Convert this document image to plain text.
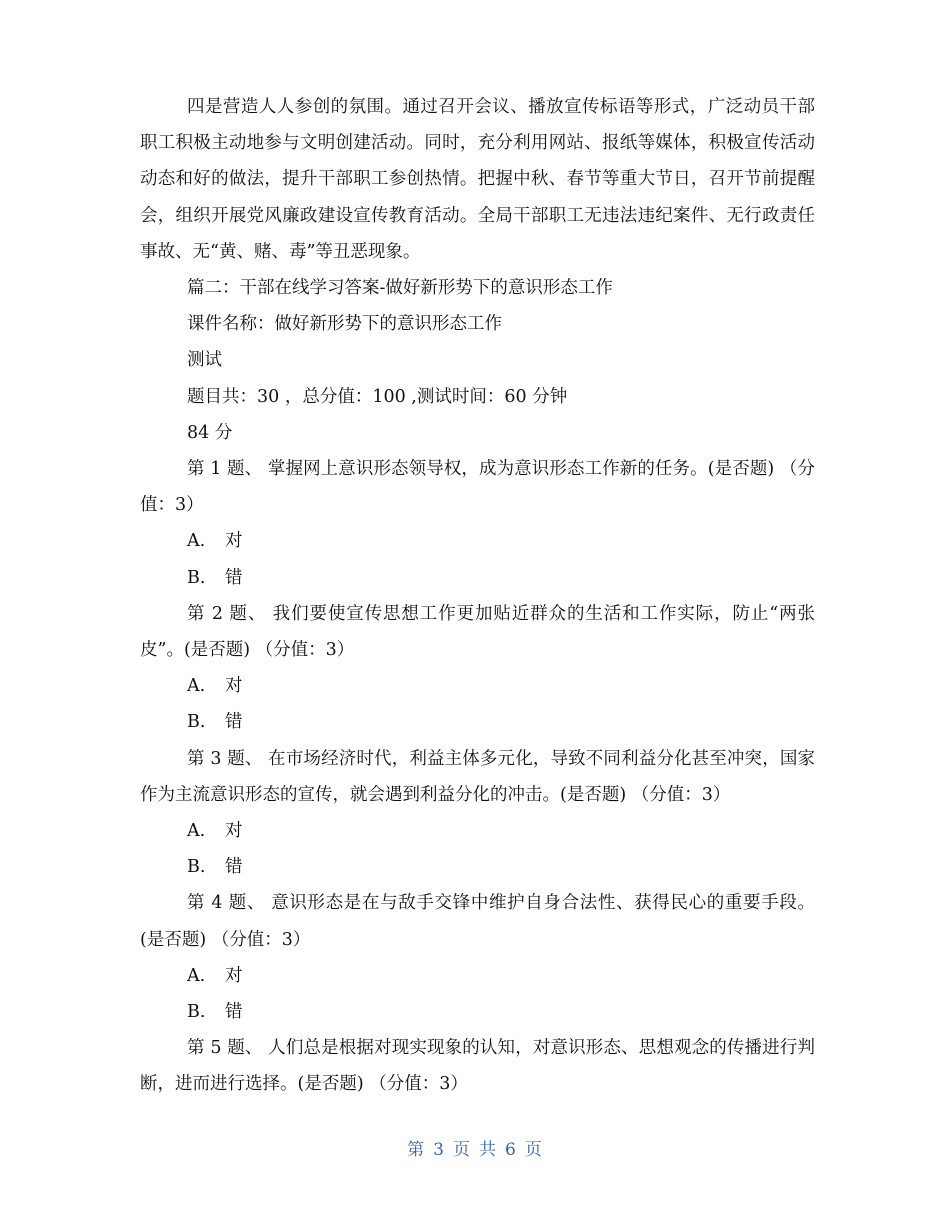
四是营造人人参创的氛围。通过召开会议、播放宣传标语等形式，广泛动员干部职工积极主动地参与文明创建活动。同时，充分利用网站、报纸等媒体，积极宣传活动动态和好的做法，提升干部职工参创热情。把握中秋、春节等重大节日，召开节前提醒会，组织开展党风廉政建设宣传教育活动。全局干部职工无违法违纪案件、无行政责任事故、无“黄、赌、毒”等丑恶现象。

篇二：干部在线学习答案-做好新形势下的意识形态工作

课件名称：做好新形势下的意识形态工作

测试

题目共：30 ，总分值：100 ,测试时间：60 分钟

84 分

第 1 题、 掌握网上意识形态领导权，成为意识形态工作新的任务。(是否题) （分值：3）

A. 对

B. 错

第 2 题、 我们要使宣传思想工作更加贴近群众的生活和工作实际，防止“两张皮”。(是否题) （分值：3）

A. 对

B. 错

第 3 题、 在市场经济时代，利益主体多元化，导致不同利益分化甚至冲突，国家作为主流意识形态的宣传，就会遇到利益分化的冲击。(是否题) （分值：3）

A. 对

B. 错

第 4 题、 意识形态是在与敌手交锋中维护自身合法性、获得民心的重要手段。(是否题) （分值：3）

A. 对

B. 错

第 5 题、 人们总是根据对现实现象的认知，对意识形态、思想观念的传播进行判断，进而进行选择。(是否题) （分值：3）

第 3 页 共 6 页
